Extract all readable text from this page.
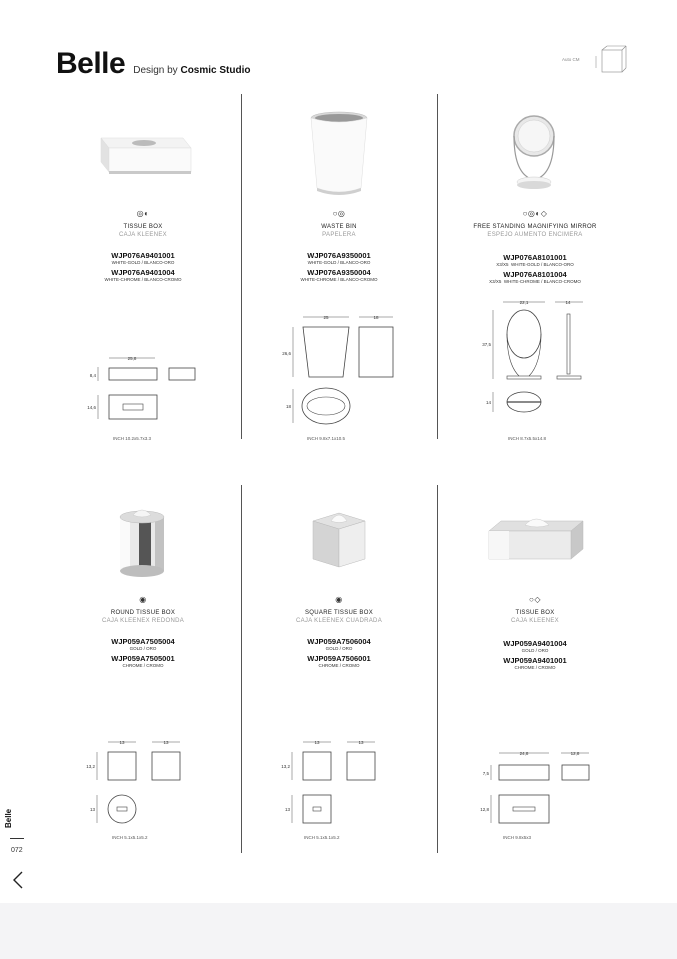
Belle Design by Cosmic Studio
Auto CM
◎◐
TISSUE BOX
CAJA KLEENEX
WJP076A9401001
WHITE-GOLD / BLANCO-ORO
WJP076A9401004
WHITE-CHROME / BLANCO-CROMO
25,8
8,4
14,6
INCH 10.2x5.7x3.3
○◎
WASTE BIN
PAPELERA
WJP076A9350001
WHITE-GOLD / BLANCO-ORO
WJP076A9350004
WHITE-CHROME / BLANCO-CROMO
25	18
26,6
18
INCH 9.8x7.1x10.5
○◎◐◇
FREE STANDING MAGNIFYING MIRROR
ESPEJO AUMENTO ENCIMERA
WJP076A8101001
X3/X5 WHITE-GOLD / BLANCO-ORO
WJP076A8101004
X3/X5 WHITE-CHROME / BLANCO-CROMO
22,1	14
37,5
14
INCH 8.7x5.5x14.8
◉
ROUND TISSUE BOX
CAJA KLEENEX REDONDA
WJP059A7505004
GOLD / ORO
WJP059A7505001
CHROME / CROMO
13	13
13,2
13
INCH 5.1x5.1x5.2
◉
SQUARE TISSUE BOX
CAJA KLEENEX CUADRADA
WJP059A7506004
GOLD / ORO
WJP059A7506001
CHROME / CROMO
13	13
13,2
13
INCH 5.1x5.1x5.2
○◇
TISSUE BOX
CAJA KLEENEX
WJP059A9401004
GOLD / ORO
WJP059A9401001
CHROME / CROMO
24,8	12,8
7,5
12,8
INCH 9.8x5x3
Belle
072
